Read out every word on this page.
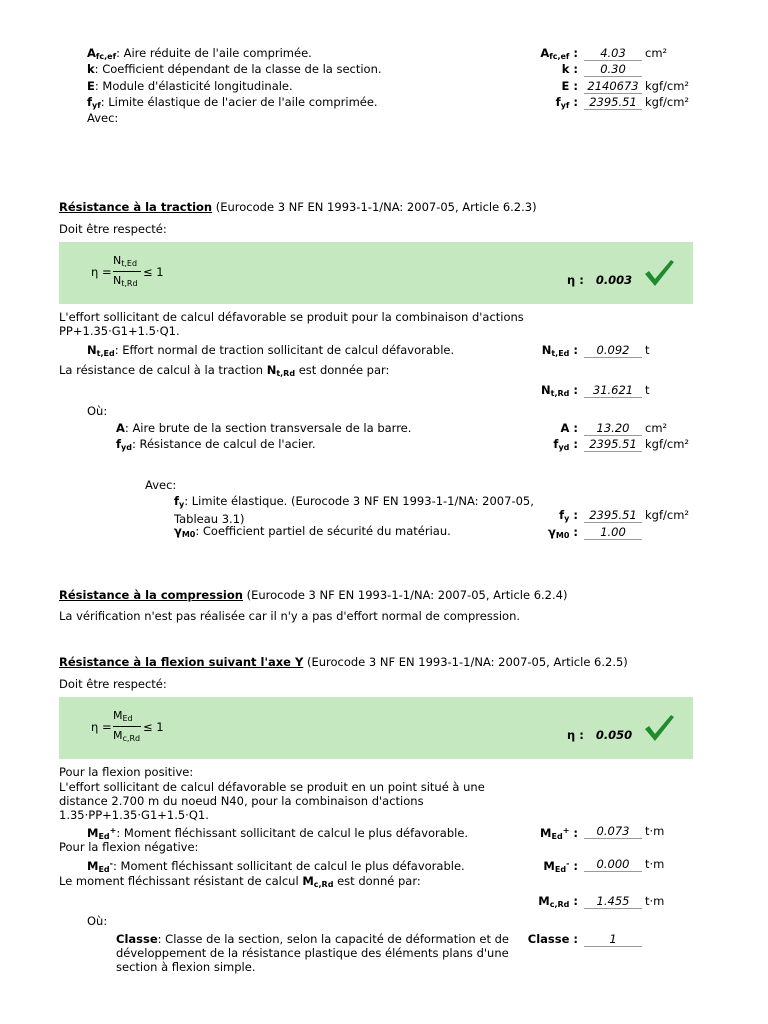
$A_{fc,ef}$: Aire réduite de l'aile comprimée.
k: Coefficient dépendant de la classe de la section.
E: Module d'élasticité longitudinale.
$f_{yf}$: Limite élastique de l'acier de l'aile comprimée.
Avec:
$A_{fc,ef}$ :	4.03	cm²
k :	0.30
E : 2140673 kgf/cm²
$f_{yf}$ : 2395.51 kgf/cm²
Résistance à la traction (Eurocode 3 NF EN 1993-1-1/NA: 2007-05, Article 6.2.3)
Doit être respecté:
η =
$N_{t,Ed}$
$N_{t,Rd}$
≤ 1
η :   0.003
L'effort sollicitant de calcul défavorable se produit pour la combinaison d'actions PP+1.35·G1+1.5·Q1.
$N_{t,Ed}$: Effort normal de traction sollicitant de calcul défavorable.	$N_{t,Ed}$ :	0.092	t
La résistance de calcul à la traction $N_{t,Rd}$ est donnée par:
$N_{t,Rd}$ :	31.621	t
Où:
A: Aire brute de la section transversale de la barre.	A :	13.20	cm²
$f_{yd}$: Résistance de calcul de l'acier.	$f_{yd}$ : 2395.51 kgf/cm²
Avec:
$f_y$: Limite élastique. (Eurocode 3 NF EN 1993-1-1/NA: 2007-05, Tableau 3.1)	$f_y$ : 2395.51 kgf/cm²
$\gamma_{M0}$: Coefficient partiel de sécurité du matériau.	$\gamma_{M0}$ :	1.00
Résistance à la compression (Eurocode 3 NF EN 1993-1-1/NA: 2007-05, Article 6.2.4)
La vérification n'est pas réalisée car il n'y a pas d'effort normal de compression.
Résistance à la flexion suivant l'axe Y (Eurocode 3 NF EN 1993-1-1/NA: 2007-05, Article 6.2.5)
Doit être respecté:
η =
$M_{Ed}$
$M_{c,Rd}$
≤ 1
η :   0.050
Pour la flexion positive:
L'effort sollicitant de calcul défavorable se produit en un point situé à une distance 2.700 m du noeud N40, pour la combinaison d'actions 1.35·PP+1.35·G1+1.5·Q1.
$M_{Ed}^+$: Moment fléchissant sollicitant de calcul le plus défavorable.	$M_{Ed}^+$ :	0.073	t·m
Pour la flexion négative:
$M_{Ed}^-$: Moment fléchissant sollicitant de calcul le plus défavorable.	$M_{Ed}^-$ :	0.000	t·m
Le moment fléchissant résistant de calcul $M_{c,Rd}$ est donné par:
$M_{c,Rd}$ :	1.455	t·m
Où:
Classe: Classe de la section, selon la capacité de déformation et de développement de la résistance plastique des éléments plans d'une section à flexion simple.
Classe :	1
